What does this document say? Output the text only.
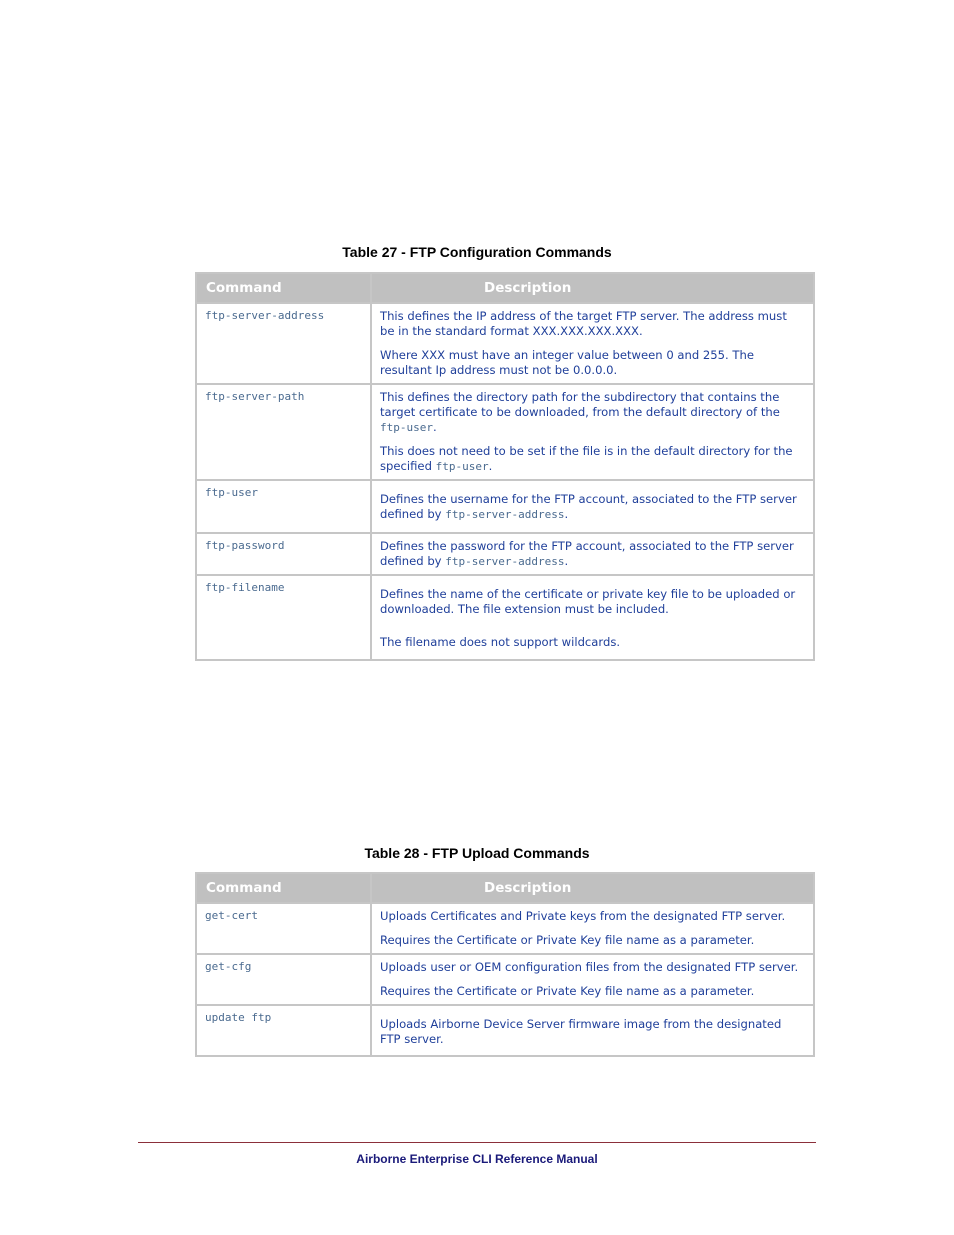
Table 27 - FTP Configuration Commands
Command	Description
ftp-server-address	This defines the IP address of the target FTP server. The address must be in the standard format XXX.XXX.XXX.XXX.

Where XXX must have an integer value between 0 and 255. The resultant Ip address must not be 0.0.0.0.

ftp-server-path	This defines the directory path for the subdirectory that contains the target certificate to be downloaded, from the default directory of the ftp-user.

This does not need to be set if the file is in the default directory for the specified ftp-user.

ftp-user	Defines the username for the FTP account, associated to the FTP server defined by ftp-server-address.

ftp-password	Defines the password for the FTP account, associated to the FTP server defined by ftp-server-address.

ftp-filename	Defines the name of the certificate or private key file to be uploaded or downloaded. The file extension must be included.

The filename does not support wildcards.

Table 28 - FTP Upload Commands
Command	Description
get-cert	Uploads Certificates and Private keys from the designated FTP server.

Requires the Certificate or Private Key file name as a parameter.

get-cfg	Uploads user or OEM configuration files from the designated FTP server.

Requires the Certificate or Private Key file name as a parameter.

update ftp	Uploads Airborne Device Server firmware image from the designated FTP server.

Airborne Enterprise CLI Reference Manual
